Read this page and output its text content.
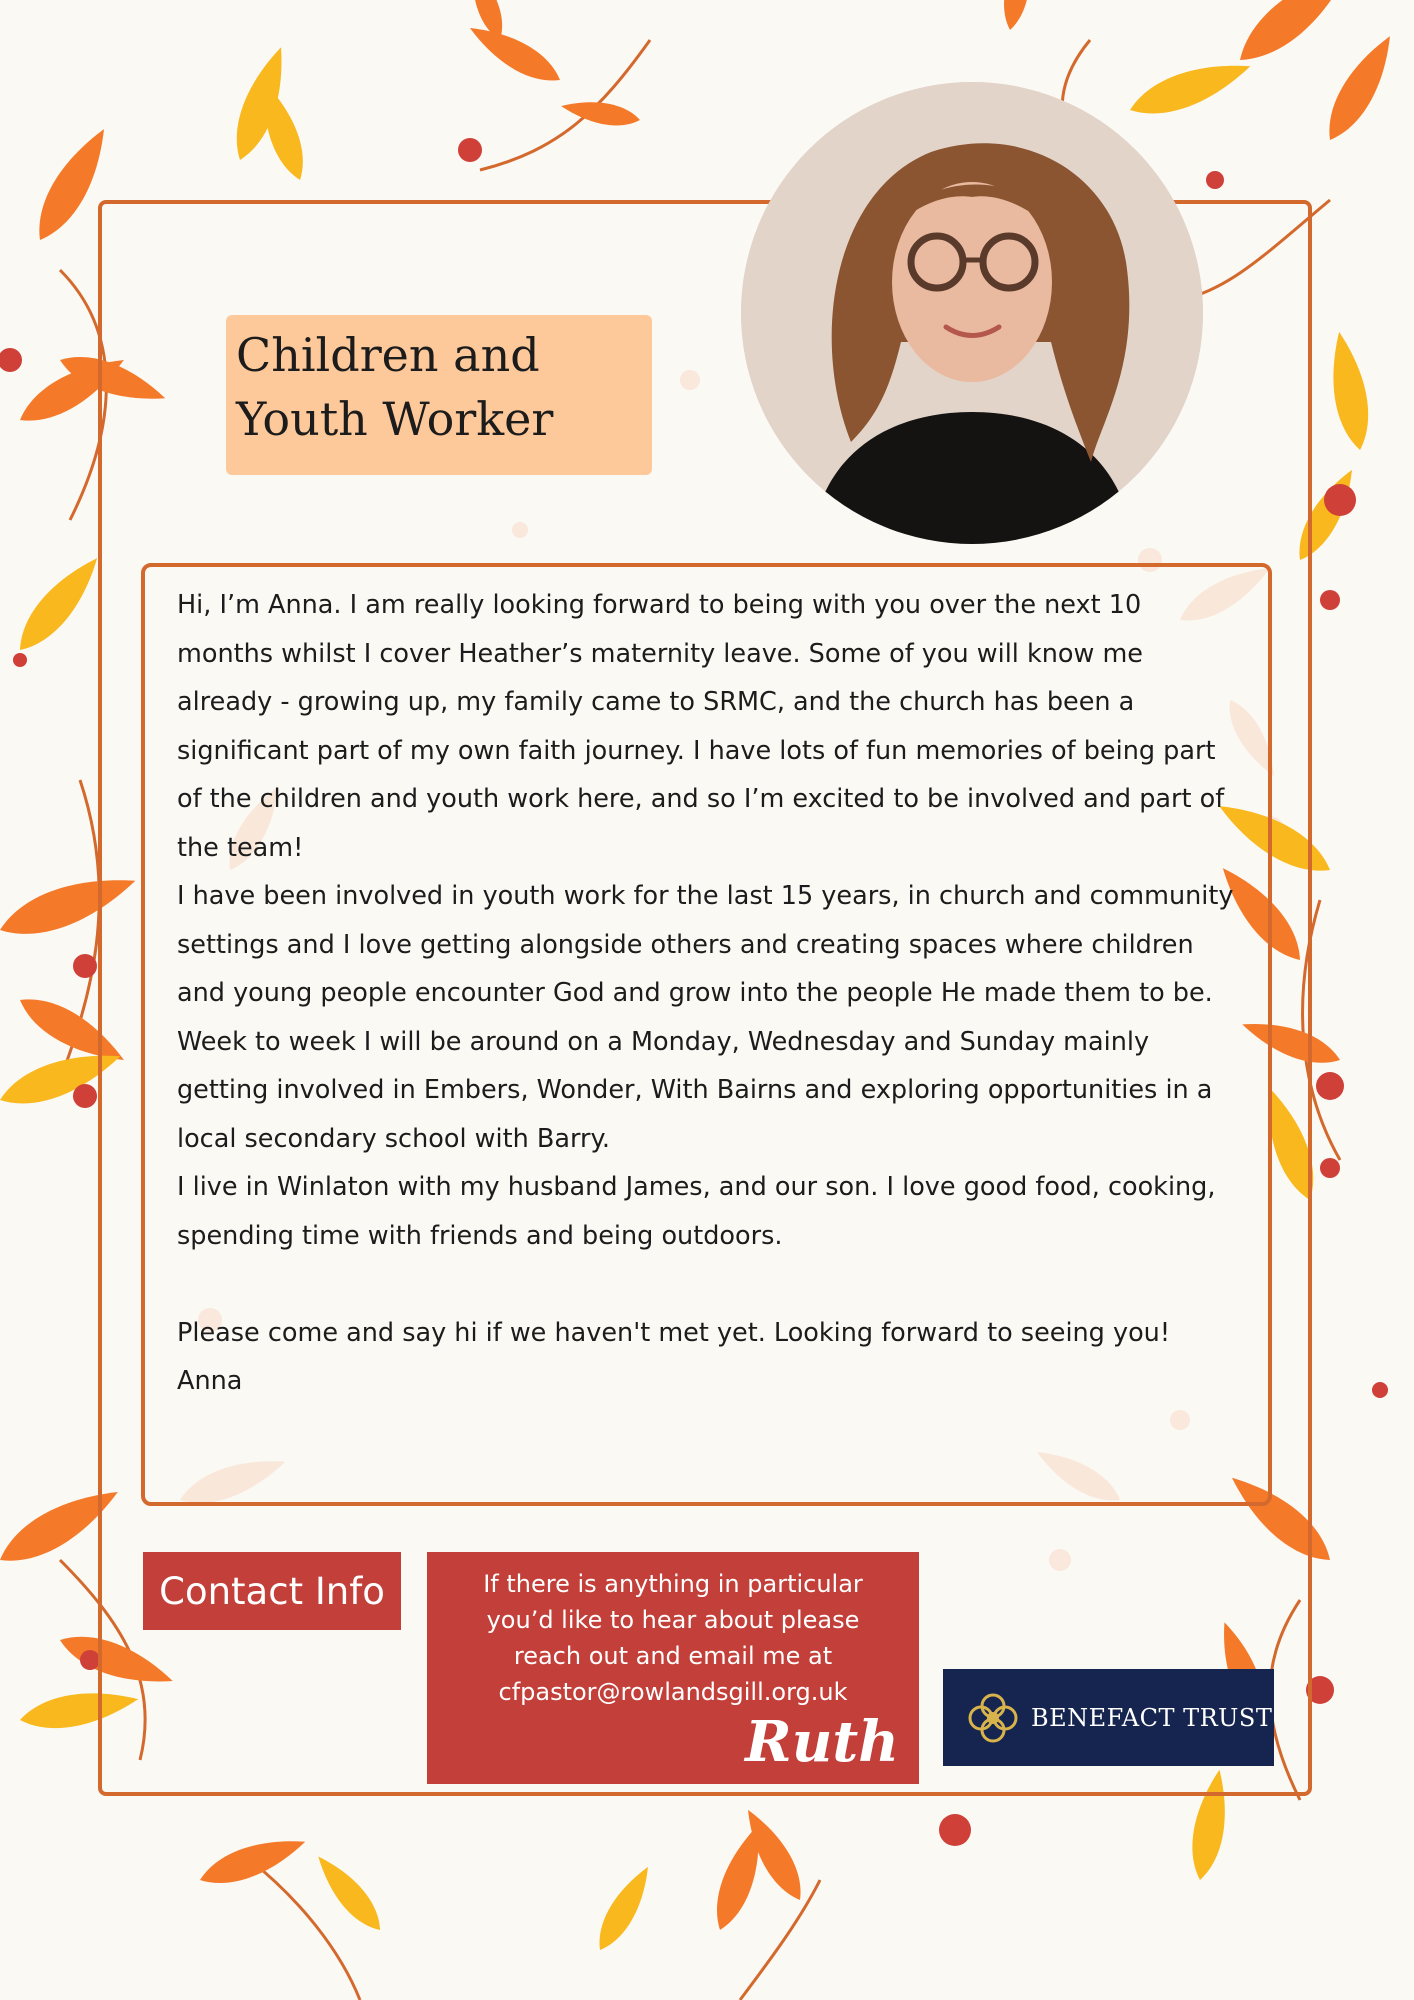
Children and
Youth Worker

Hi, I’m Anna. I am really looking forward to being with you over the next 10 months whilst I cover Heather’s maternity leave. Some of you will know me already - growing up, my family came to SRMC, and the church has been a significant part of my own faith journey. I have lots of fun memories of being part of the children and youth work here, and so I’m excited to be involved and part of the team!

I have been involved in youth work for the last 15 years, in church and community settings and I love getting alongside others and creating spaces where children and young people encounter God and grow into the people He made them to be.

Week to week I will be around on a Monday, Wednesday and Sunday mainly getting involved in Embers, Wonder, With Bairns and exploring opportunities in a local secondary school with Barry.

I live in Winlaton with my husband James, and our son. I love good food, cooking, spending time with friends and being outdoors.

Please come and say hi if we haven't met yet. Looking forward to seeing you!

Anna

Contact Info	If there is anything in particular
you’d like to hear about please
reach out and email me at
cfpastor@rowlandsgill.org.uk
Ruth	BENEFACT TRUST
